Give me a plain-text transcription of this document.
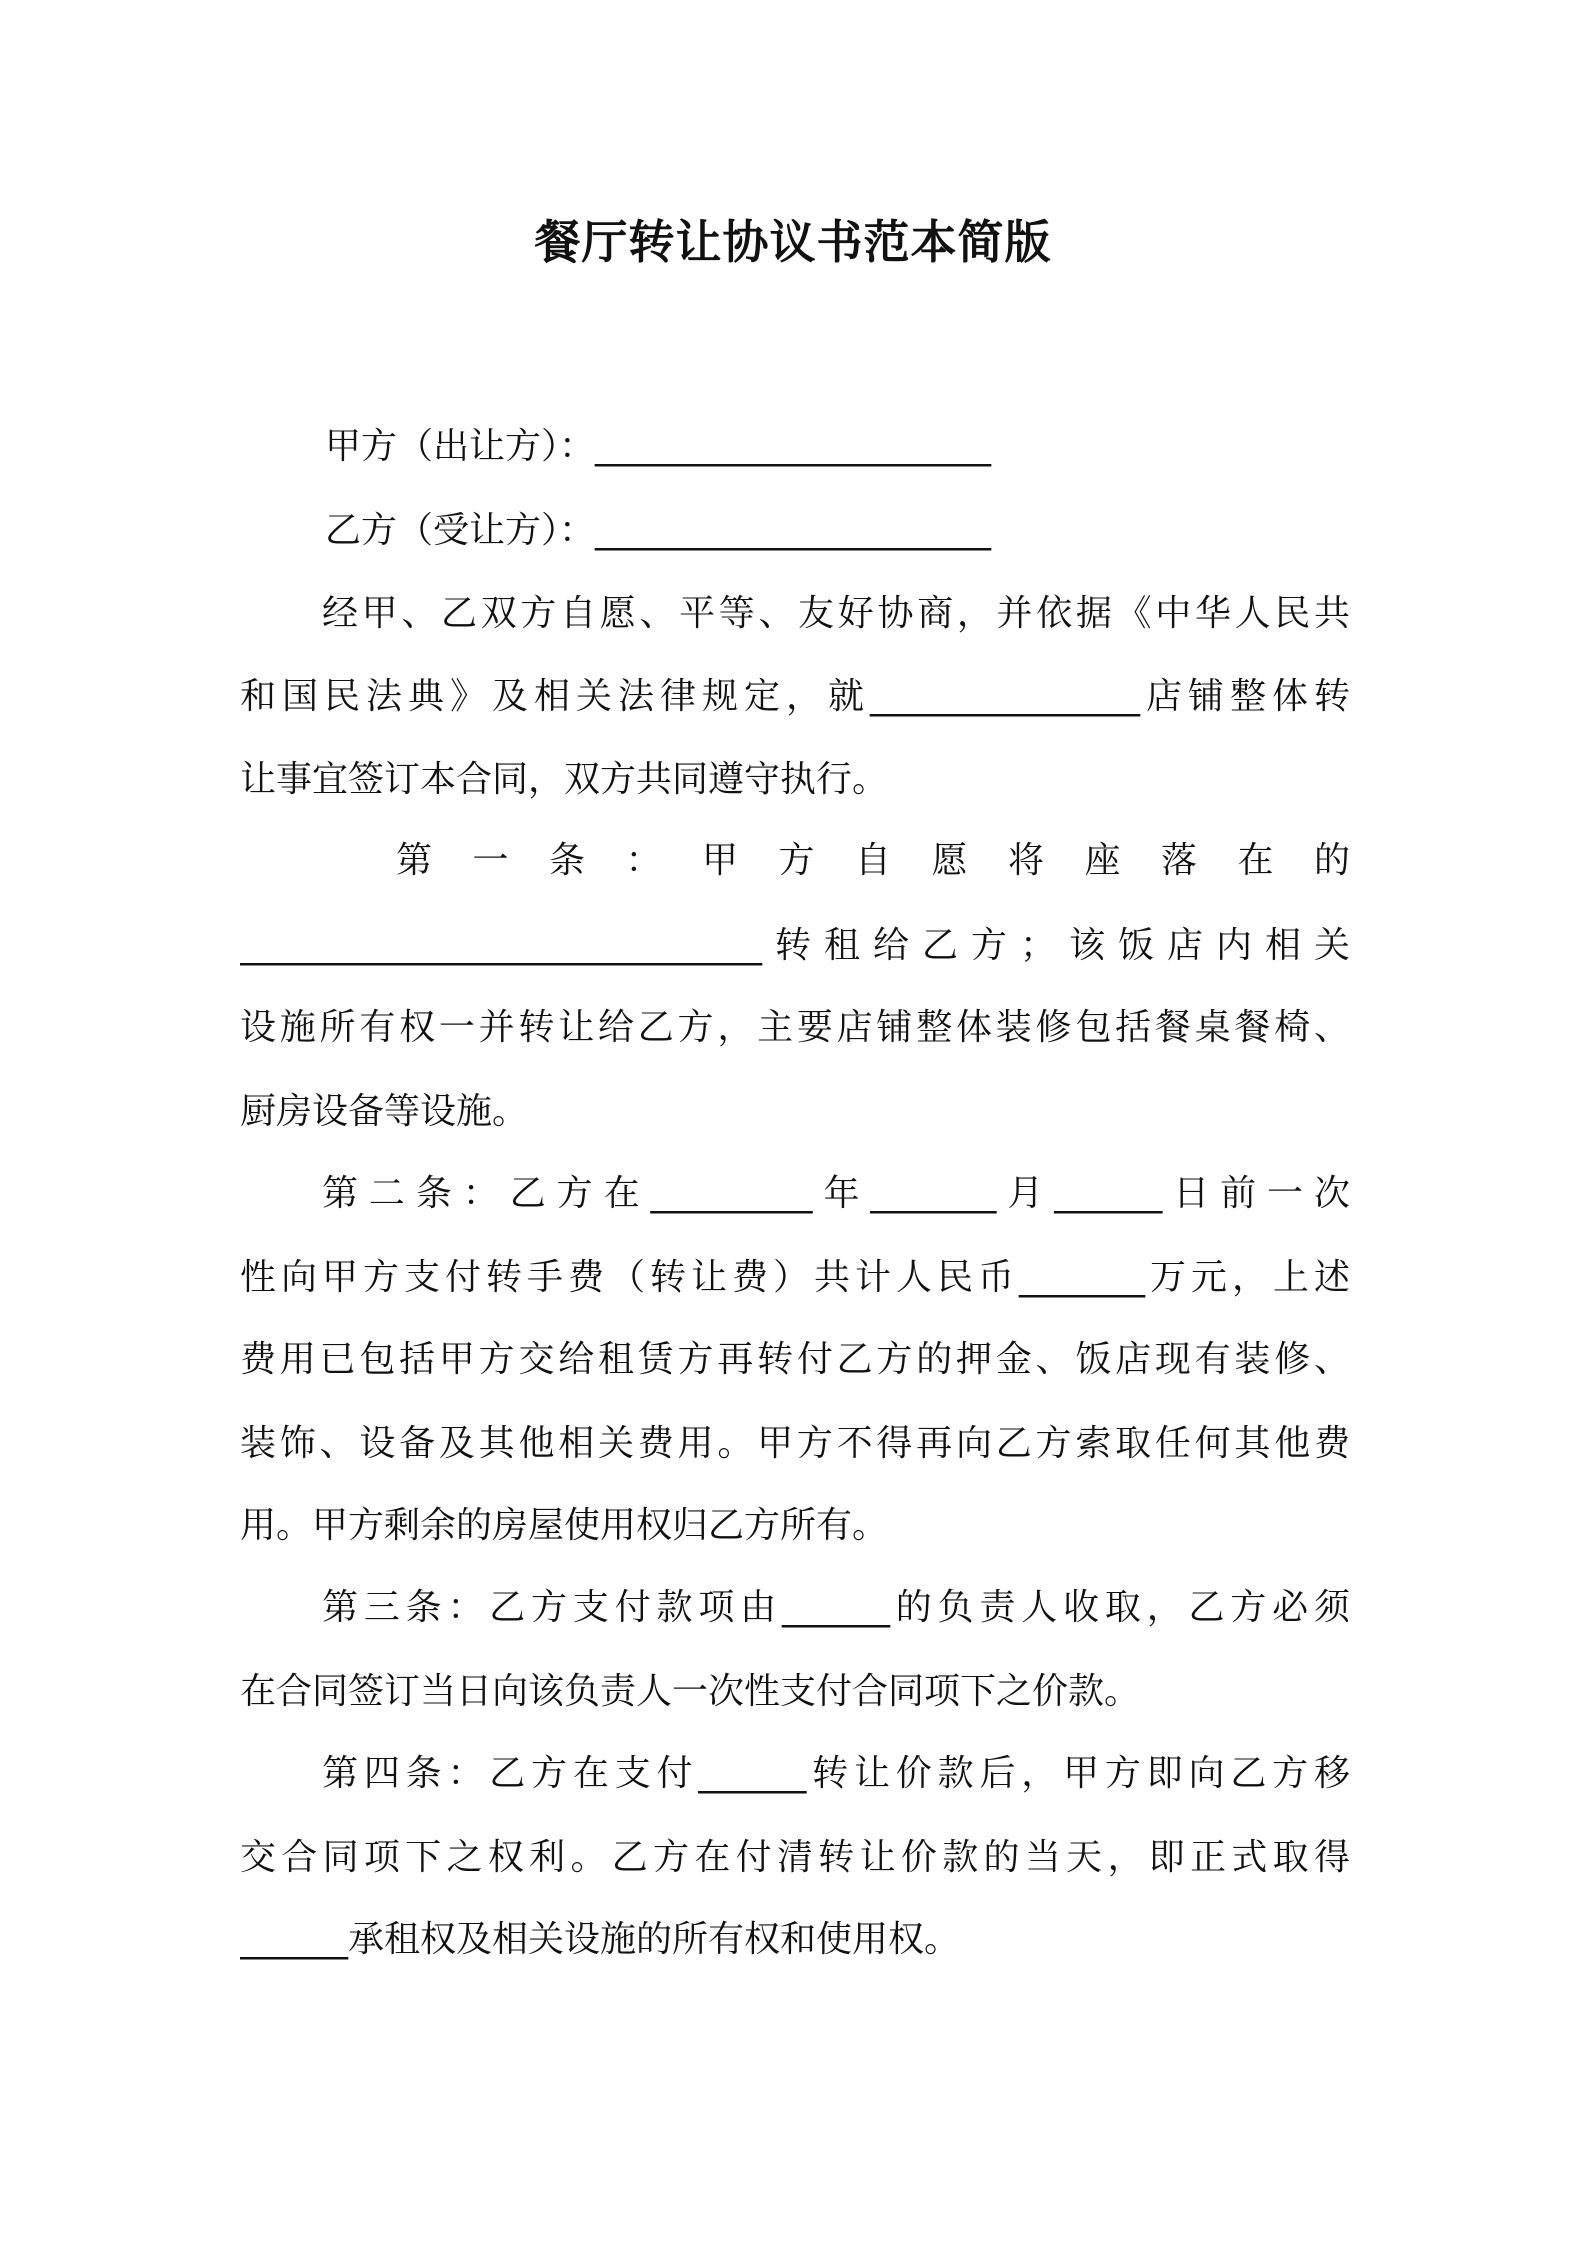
餐厅转让协议书范本简版
甲方（出让方）：______________________
乙方（受让方）：______________________
经甲、乙双方自愿、平等、友好协商，并依据《中华人民共
和国民法典》及相关法律规定，就_______________店铺整体转
让事宜签订本合同，双方共同遵守执行。
第一条：甲方自愿将座落在的
_____________________________转租给乙方；该饭店内相关
设施所有权一并转让给乙方，主要店铺整体装修包括餐桌餐椅、
厨房设备等设施。
第二条：乙方在_________年_______月______日前一次
性向甲方支付转手费（转让费）共计人民币_______万元，上述
费用已包括甲方交给租赁方再转付乙方的押金、饭店现有装修、
装饰、设备及其他相关费用。甲方不得再向乙方索取任何其他费
用。甲方剩余的房屋使用权归乙方所有。
第三条：乙方支付款项由______的负责人收取，乙方必须
在合同签订当日向该负责人一次性支付合同项下之价款。
第四条：乙方在支付______转让价款后，甲方即向乙方移
交合同项下之权利。乙方在付清转让价款的当天，即正式取得
______承租权及相关设施的所有权和使用权。
